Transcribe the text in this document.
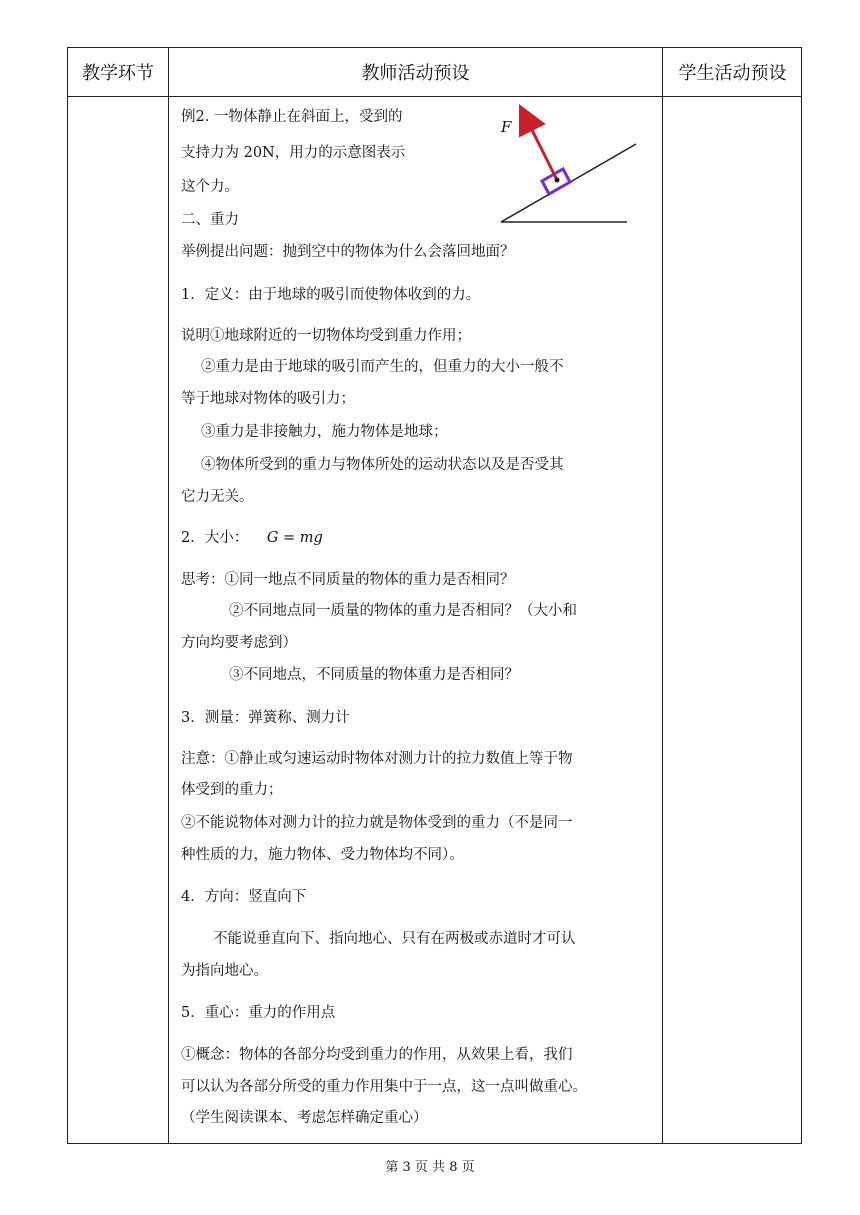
教学环节	教师活动预设	学生活动预设
F
例2. 一物体静止在斜面上，受到的
支持力为 20N，用力的示意图表示
这个力。
二、重力
举例提出问题：抛到空中的物体为什么会落回地面？
1．定义：由于地球的吸引而使物体收到的力。
说明①地球附近的一切物体均受到重力作用；
②重力是由于地球的吸引而产生的，但重力的大小一般不
等于地球对物体的吸引力；
③重力是非接触力，施力物体是地球；
④物体所受到的重力与物体所处的运动状态以及是否受其
它力无关。
2．大小： G = mg
思考：①同一地点不同质量的物体的重力是否相同？
②不同地点同一质量的物体的重力是否相同？（大小和
方向均要考虑到）
③不同地点，不同质量的物体重力是否相同？
3．测量：弹簧称、测力计
注意：①静止或匀速运动时物体对测力计的拉力数值上等于物
体受到的重力；
②不能说物体对测力计的拉力就是物体受到的重力（不是同一
种性质的力，施力物体、受力物体均不同）。
4．方向：竖直向下
不能说垂直向下、指向地心、只有在两极或赤道时才可认
为指向地心。
5．重心：重力的作用点
①概念：物体的各部分均受到重力的作用，从效果上看，我们
可以认为各部分所受的重力作用集中于一点，这一点叫做重心。
（学生阅读课本、考虑怎样确定重心）
第 3 页 共 8 页
